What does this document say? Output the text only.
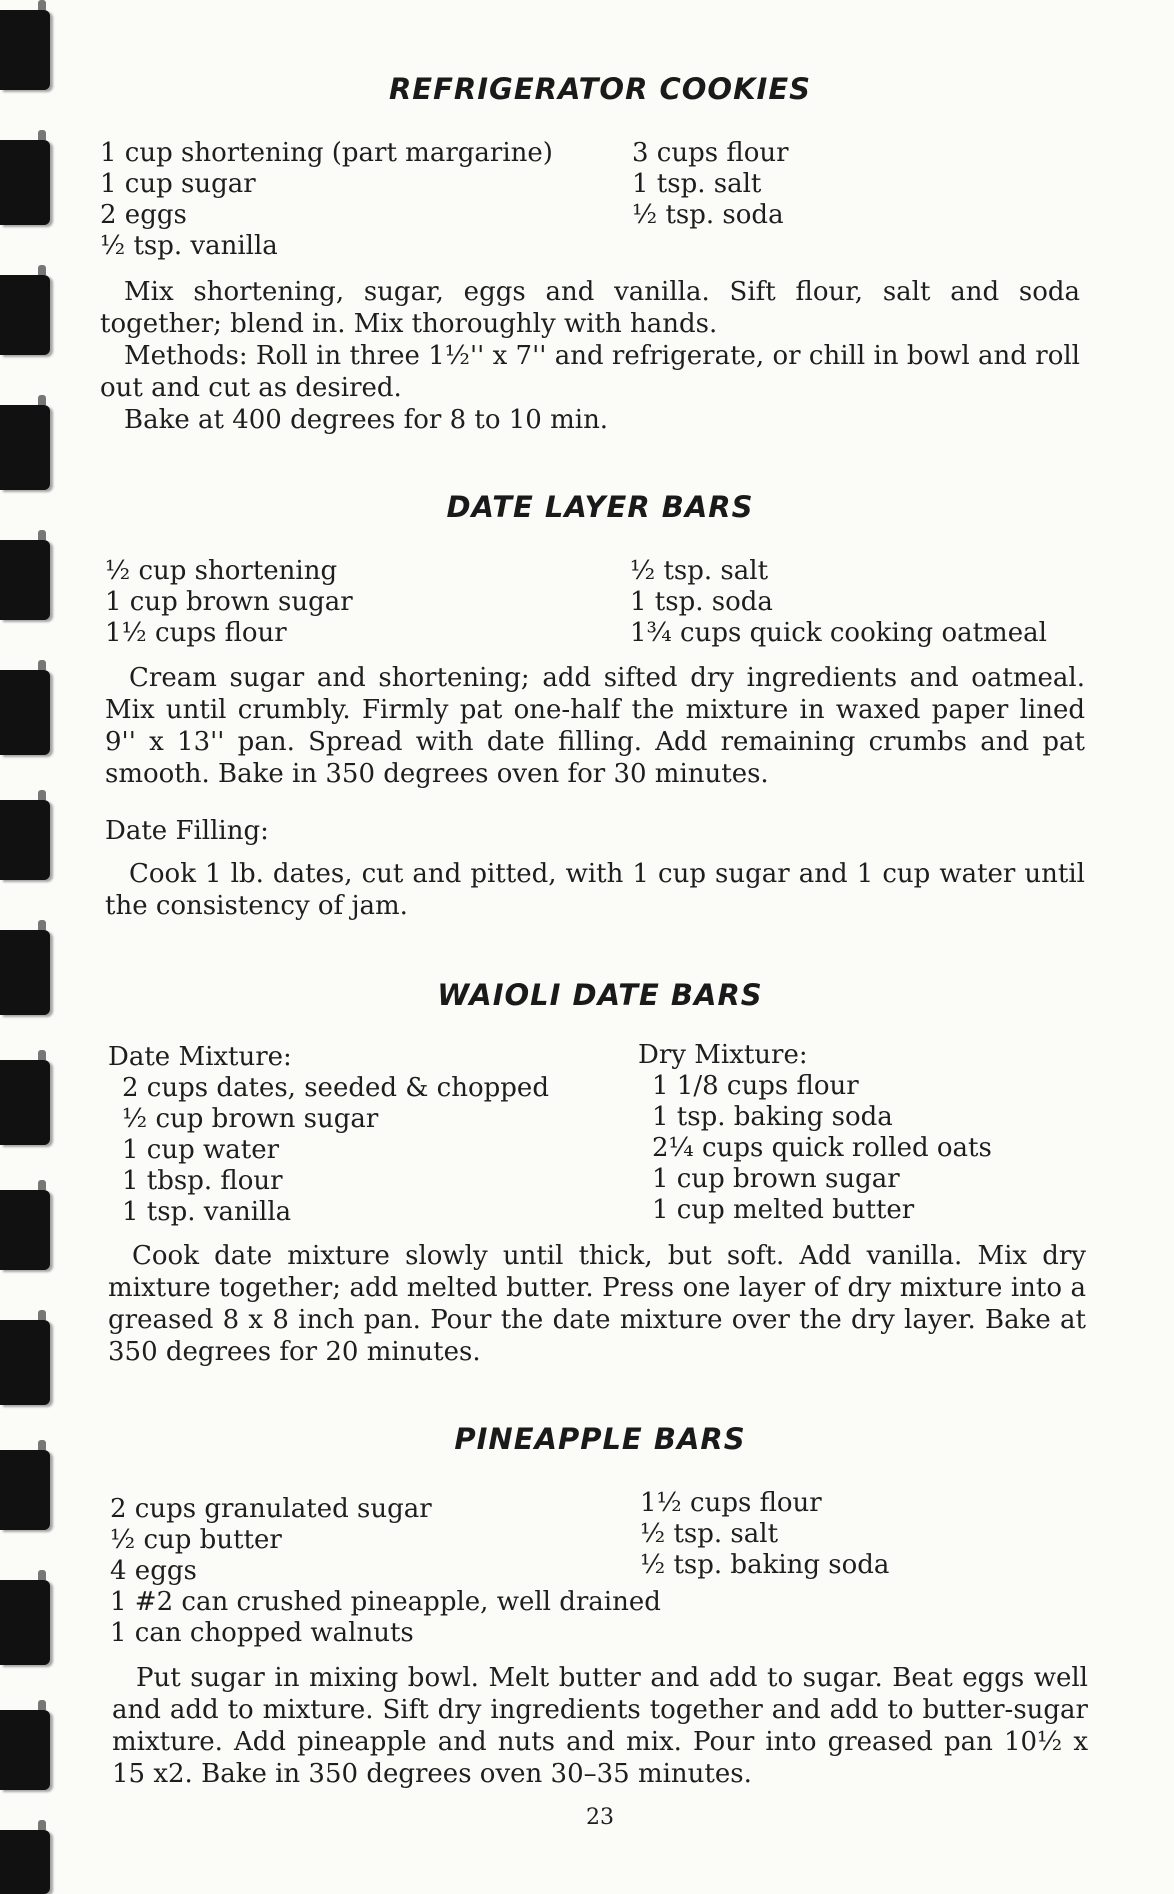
REFRIGERATOR COOKIES
1 cup shortening (part margarine)
1 cup sugar
2 eggs
½ tsp. vanilla
3 cups flour
1 tsp. salt
½ tsp. soda

Mix shortening, sugar, eggs and vanilla. Sift flour, salt and soda together; blend in. Mix thoroughly with hands.

Methods: Roll in three 1½'' x 7'' and refrigerate, or chill in bowl and roll out and cut as desired.

Bake at 400 degrees for 8 to 10 min.

DATE LAYER BARS
½ cup shortening
1 cup brown sugar
1½ cups flour
½ tsp. salt
1 tsp. soda
1¾ cups quick cooking oatmeal

Cream sugar and shortening; add sifted dry ingredients and oatmeal. Mix until crumbly. Firmly pat one-half the mixture in waxed paper lined 9'' x 13'' pan. Spread with date filling. Add remaining crumbs and pat smooth. Bake in 350 degrees oven for 30 minutes.

Date Filling:

Cook 1 lb. dates, cut and pitted, with 1 cup sugar and 1 cup water until the consistency of jam.

WAIOLI DATE BARS
Date Mixture:
2 cups dates, seeded & chopped
½ cup brown sugar
1 cup water
1 tbsp. flour
1 tsp. vanilla
Dry Mixture:
1 1/8 cups flour
1 tsp. baking soda
2¼ cups quick rolled oats
1 cup brown sugar
1 cup melted butter

Cook date mixture slowly until thick, but soft. Add vanilla. Mix dry mixture together; add melted butter. Press one layer of dry mixture into a greased 8 x 8 inch pan. Pour the date mixture over the dry layer. Bake at 350 degrees for 20 minutes.

PINEAPPLE BARS
2 cups granulated sugar
½ cup butter
4 eggs
1 #2 can crushed pineapple, well drained
1 can chopped walnuts
1½ cups flour
½ tsp. salt
½ tsp. baking soda

Put sugar in mixing bowl. Melt butter and add to sugar. Beat eggs well and add to mixture. Sift dry ingredients together and add to butter-sugar mixture. Add pineapple and nuts and mix. Pour into greased pan 10½ x 15 x2. Bake in 350 degrees oven 30–35 minutes.

23
